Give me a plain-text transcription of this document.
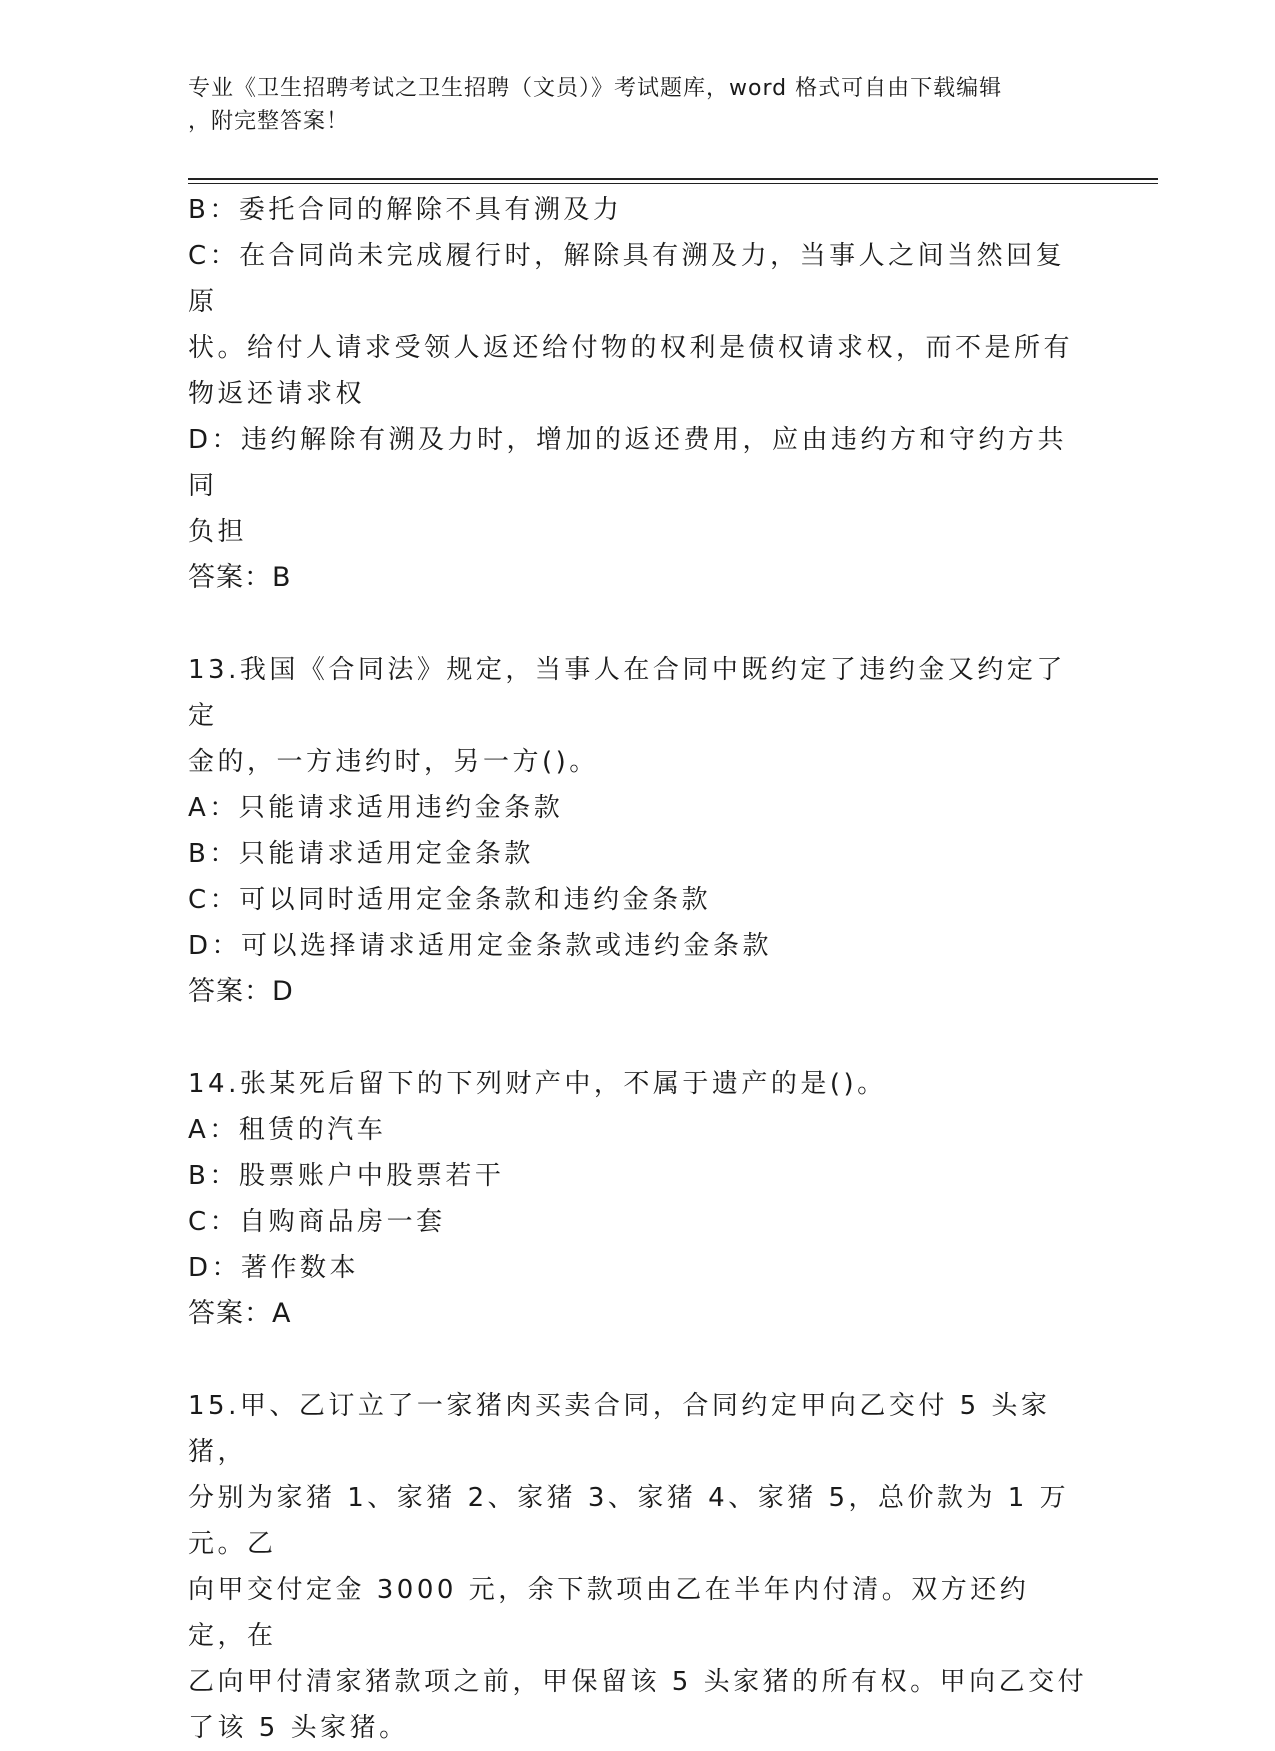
专业《卫生招聘考试之卫生招聘（文员）》考试题库，word 格式可自由下载编辑
，附完整答案！
B：委托合同的解除不具有溯及力
C：在合同尚未完成履行时，解除具有溯及力，当事人之间当然回复原
状。给付人请求受领人返还给付物的权利是债权请求权，而不是所有
物返还请求权
D：违约解除有溯及力时，增加的返还费用，应由违约方和守约方共同
负担
答案：B
13.我国《合同法》规定，当事人在合同中既约定了违约金又约定了定
金的，一方违约时，另一方()。
A：只能请求适用违约金条款
B：只能请求适用定金条款
C：可以同时适用定金条款和违约金条款
D：可以选择请求适用定金条款或违约金条款
答案：D
14.张某死后留下的下列财产中，不属于遗产的是()。
A：租赁的汽车
B：股票账户中股票若干
C：自购商品房一套
D：著作数本
答案：A
15.甲、乙订立了一家猪肉买卖合同，合同约定甲向乙交付 5 头家猪，
分别为家猪 1、家猪 2、家猪 3、家猪 4、家猪 5，总价款为 1 万元。乙
向甲交付定金 3000 元，余下款项由乙在半年内付清。双方还约定，在
乙向甲付清家猪款项之前，甲保留该 5 头家猪的所有权。甲向乙交付
了该 5 头家猪。
